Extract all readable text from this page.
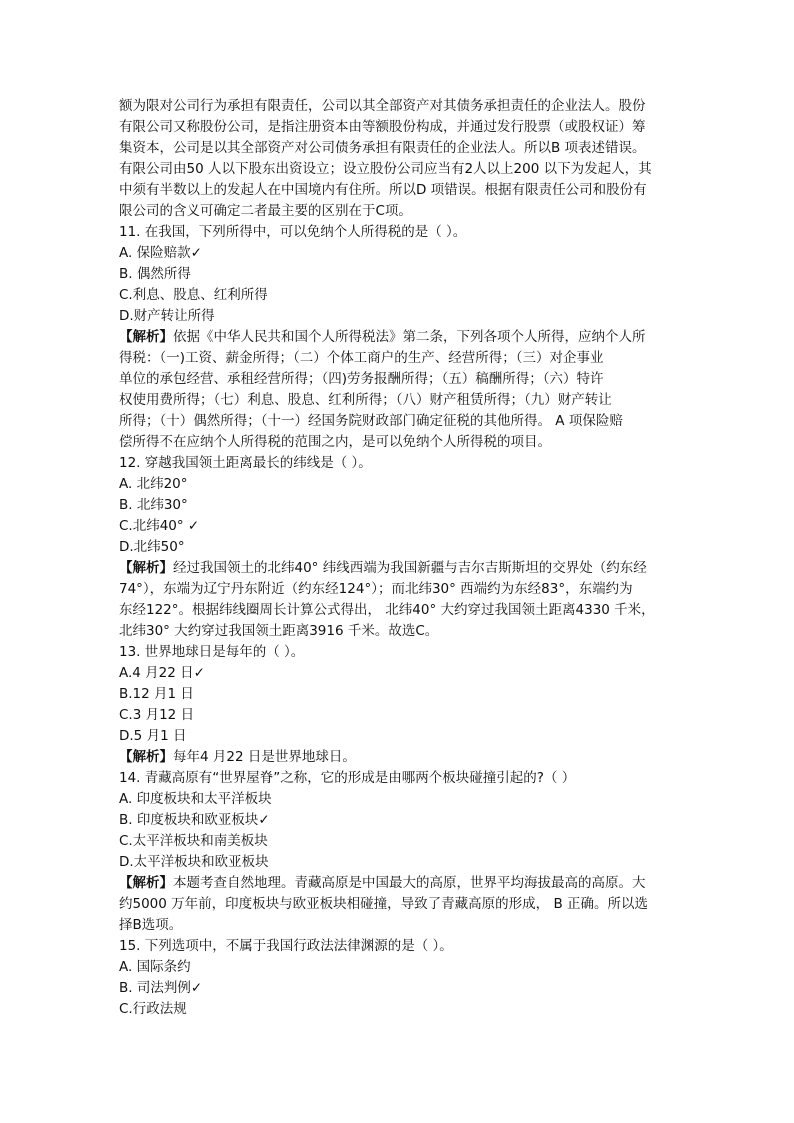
额为限对公司行为承担有限责任，公司以其全部资产对其债务承担责任的企业法人。股份
有限公司又称股份公司，是指注册资本由等额股份构成，并通过发行股票（或股权证）筹
集资本，公司是以其全部资产对公司债务承担有限责任的企业法人。所以B 项表述错误。
有限公司由50 人以下股东出资设立；设立股份公司应当有2人以上200 以下为发起人，其
中须有半数以上的发起人在中国境内有住所。所以D 项错误。根据有限责任公司和股份有
限公司的含义可确定二者最主要的区别在于C项。
11. 在我国，下列所得中，可以免纳个人所得税的是（ ）。
A. 保险赔款✓
B. 偶然所得
C.利息、股息、红利所得
D.财产转让所得
【解析】依据《中华人民共和国个人所得税法》第二条，下列各项个人所得，应纳个人所
得税：（一)工资、薪金所得；（二）个体工商户的生产、经营所得；（三）对企事业
单位的承包经营、承租经营所得；（四)劳务报酬所得；（五）稿酬所得；（六）特许
权使用费所得；（七）利息、股息、红利所得；（八）财产租赁所得；（九）财产转让
所得；（十）偶然所得；（十一）经国务院财政部门确定征税的其他所得。 A 项保险赔
偿所得不在应纳个人所得税的范围之内，是可以免纳个人所得税的项目。
12. 穿越我国领土距离最长的纬线是（ ）。
A. 北纬20°
B. 北纬30°
C.北纬40° ✓
D.北纬50°
【解析】经过我国领土的北纬40° 纬线西端为我国新疆与吉尔吉斯斯坦的交界处（约东经
74°），东端为辽宁丹东附近（约东经124°）；而北纬30° 西端约为东经83°，东端约为
东经122°。根据纬线圈周长计算公式得出， 北纬40° 大约穿过我国领土距离4330 千米，
北纬30° 大约穿过我国领土距离3916 千米。故选C。
13. 世界地球日是每年的（ ）。
A.4 月22 日✓
B.12 月1 日
C.3 月12 日
D.5 月1 日
【解析】每年4 月22 日是世界地球日。
14. 青藏高原有“世界屋脊”之称，它的形成是由哪两个板块碰撞引起的?（ ）
A. 印度板块和太平洋板块
B. 印度板块和欧亚板块✓
C.太平洋板块和南美板块
D.太平洋板块和欧亚板块
【解析】本题考查自然地理。青藏高原是中国最大的高原，世界平均海拔最高的高原。大
约5000 万年前，印度板块与欧亚板块相碰撞，导致了青藏高原的形成， B 正确。所以选
择B选项。
15. 下列选项中，不属于我国行政法法律渊源的是（ ）。
A. 国际条约
B. 司法判例✓
C.行政法规
